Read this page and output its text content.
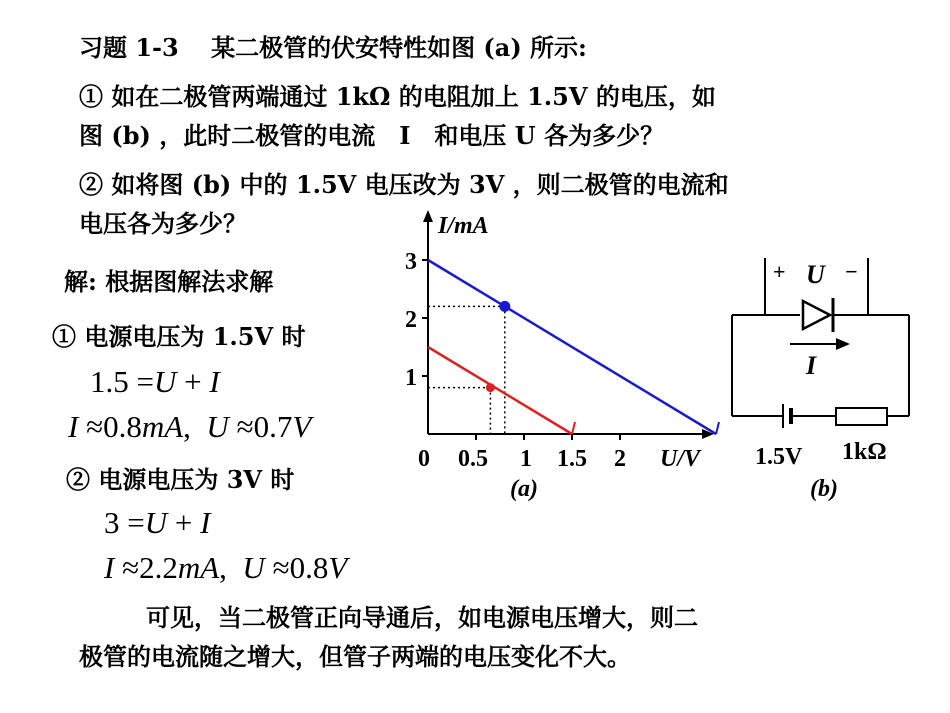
习题 1-3　 某二极管的伏安特性如图 (a) 所示:
① 如在二极管两端通过 1kΩ 的电阻加上 1.5V 的电压，如
图 (b) ，此时二极管的电流　I　和电压 U 各为多少？
② 如将图 (b) 中的 1.5V 电压改为 3V ，则二极管的电流和
电压各为多少？
解: 根据图解法求解
① 电源电压为 1.5V 时
1.5 =U + I
I ≈0.8mA, U ≈0.7V
② 电源电压为 3V 时
3 =U + I
I ≈2.2mA, U ≈0.8V
可见，当二极管正向导通后，如电源电压增大，则二
极管的电流随之增大，但管子两端的电压变化不大。
I/mA
U/V
3
2
1
0 0.5 1 1.5 2
(a)
+ U −
I
1.5V 1kΩ
(b)
